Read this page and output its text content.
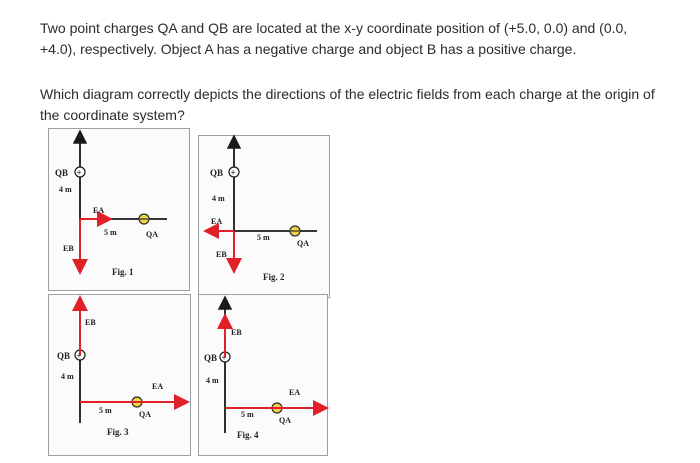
Two point charges QA and QB are located at the x-y coordinate position of (+5.0, 0.0) and (0.0, +4.0), respectively. Object A has a negative charge and object B has a positive charge.

Which diagram correctly depicts the directions of the electric fields from each charge at the origin of the coordinate system?

+
QB
4 m
QA
5 m
EA
EB
Fig. 1
+
QB
4 m
QA
5 m
EA
EB
Fig. 2
+
QB
4 m
QA
5 m
EA
EB
Fig. 3
+
QB
4 m
QA
5 m
EA
EB
Fig. 4
